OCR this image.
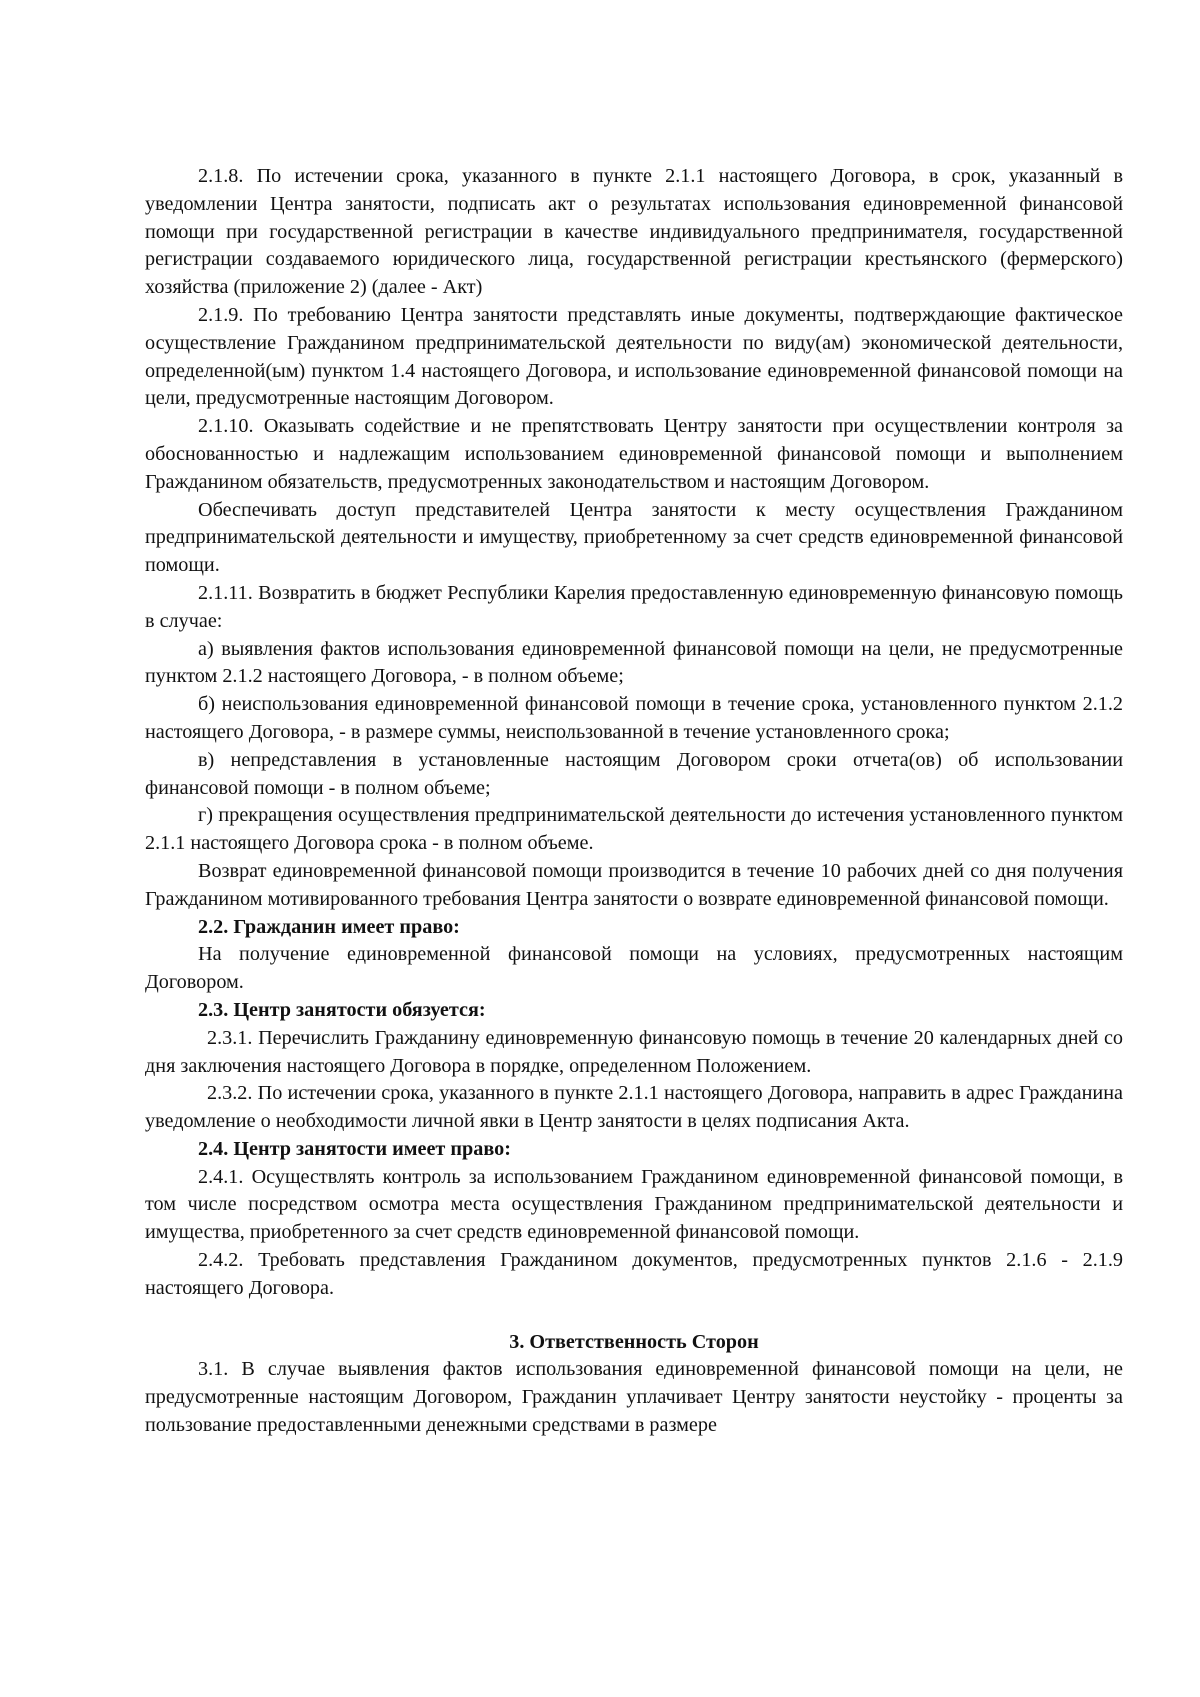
2.1.8. По истечении срока, указанного в пункте 2.1.1 настоящего Договора, в срок, указанный в уведомлении Центра занятости, подписать акт о результатах использования единовременной финансовой помощи при государственной регистрации в качестве индивидуального предпринимателя, государственной регистрации создаваемого юридического лица, государственной регистрации крестьянского (фермерского) хозяйства (приложение 2) (далее - Акт)

2.1.9. По требованию Центра занятости представлять иные документы, подтверждающие фактическое осуществление Гражданином предпринимательской деятельности по виду(ам) экономической деятельности, определенной(ым) пунктом 1.4 настоящего Договора, и использование единовременной финансовой помощи на цели, предусмотренные настоящим Договором.

2.1.10. Оказывать содействие и не препятствовать Центру занятости при осуществлении контроля за обоснованностью и надлежащим использованием единовременной финансовой помощи и выполнением Гражданином обязательств, предусмотренных законодательством и настоящим Договором.

Обеспечивать доступ представителей Центра занятости к месту осуществления Гражданином предпринимательской деятельности и имуществу, приобретенному за счет средств единовременной финансовой помощи.

2.1.11. Возвратить в бюджет Республики Карелия предоставленную единовременную финансовую помощь в случае:

а) выявления фактов использования единовременной финансовой помощи на цели, не предусмотренные пунктом 2.1.2 настоящего Договора, - в полном объеме;

б) неиспользования единовременной финансовой помощи в течение срока, установленного пунктом 2.1.2 настоящего Договора, - в размере суммы, неиспользованной в течение установленного срока;

в) непредставления в установленные настоящим Договором сроки отчета(ов) об использовании финансовой помощи - в полном объеме;

г) прекращения осуществления предпринимательской деятельности до истечения установленного пунктом 2.1.1 настоящего Договора срока - в полном объеме.

Возврат единовременной финансовой помощи производится в течение 10 рабочих дней со дня получения Гражданином мотивированного требования Центра занятости о возврате единовременной финансовой помощи.

2.2. Гражданин имеет право:

На получение единовременной финансовой помощи на условиях, предусмотренных настоящим Договором.

2.3. Центр занятости обязуется:

2.3.1. Перечислить Гражданину единовременную финансовую помощь в течение 20 календарных дней со дня заключения настоящего Договора в порядке, определенном Положением.

2.3.2. По истечении срока, указанного в пункте 2.1.1 настоящего Договора, направить в адрес Гражданина уведомление о необходимости личной явки в Центр занятости в целях подписания Акта.

2.4. Центр занятости имеет право:

2.4.1. Осуществлять контроль за использованием Гражданином единовременной финансовой помощи, в том числе посредством осмотра места осуществления Гражданином предпринимательской деятельности и имущества, приобретенного за счет средств единовременной финансовой помощи.

2.4.2. Требовать представления Гражданином документов, предусмотренных пунктов 2.1.6 - 2.1.9 настоящего Договора.

3. Ответственность Сторон

3.1. В случае выявления фактов использования единовременной финансовой помощи на цели, не предусмотренные настоящим Договором, Гражданин уплачивает Центру занятости неустойку - проценты за пользование предоставленными денежными средствами в размере
